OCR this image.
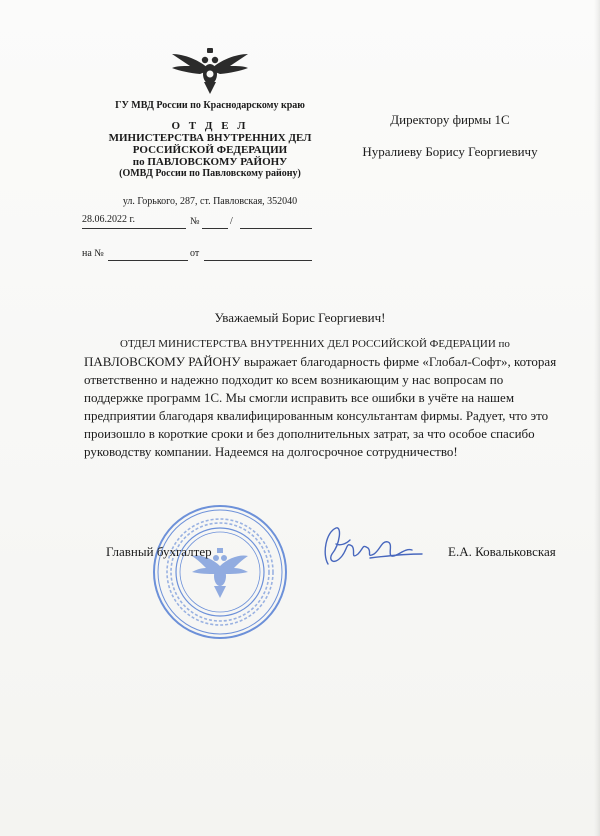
ГУ МВД России по Краснодарскому краю
О Т Д Е Л
МИНИСТЕРСТВА ВНУТРЕННИХ ДЕЛ
РОССИЙСКОЙ ФЕДЕРАЦИИ
по ПАВЛОВСКОМУ РАЙОНУ
(ОМВД России по Павловскому району)
ул. Горького, 287, ст. Павловская, 352040
28.06.2022 г.	№	/
на №	от
Директору фирмы 1С
Нуралиеву Борису Георгиевичу
Уважаемый Борис Георгиевич!
ОТДЕЛ МИНИСТЕРСТВА ВНУТРЕННИХ ДЕЛ РОССИЙСКОЙ ФЕДЕРАЦИИ по ПАВЛОВСКОМУ РАЙОНУ выражает благодарность фирме «Глобал-Софт», которая ответственно и надежно подходит ко всем возникающим у нас вопросам по поддержке программ 1С. Мы смогли исправить все ошибки в учёте на нашем предприятии благодаря квалифицированным консультантам фирмы. Радует, что это произошло в короткие сроки и без дополнительных затрат, за что особое спасибо руководству компании. Надеемся на долгосрочное сотрудничество!
Главный бухгалтер	Е.А. Ковальковская
